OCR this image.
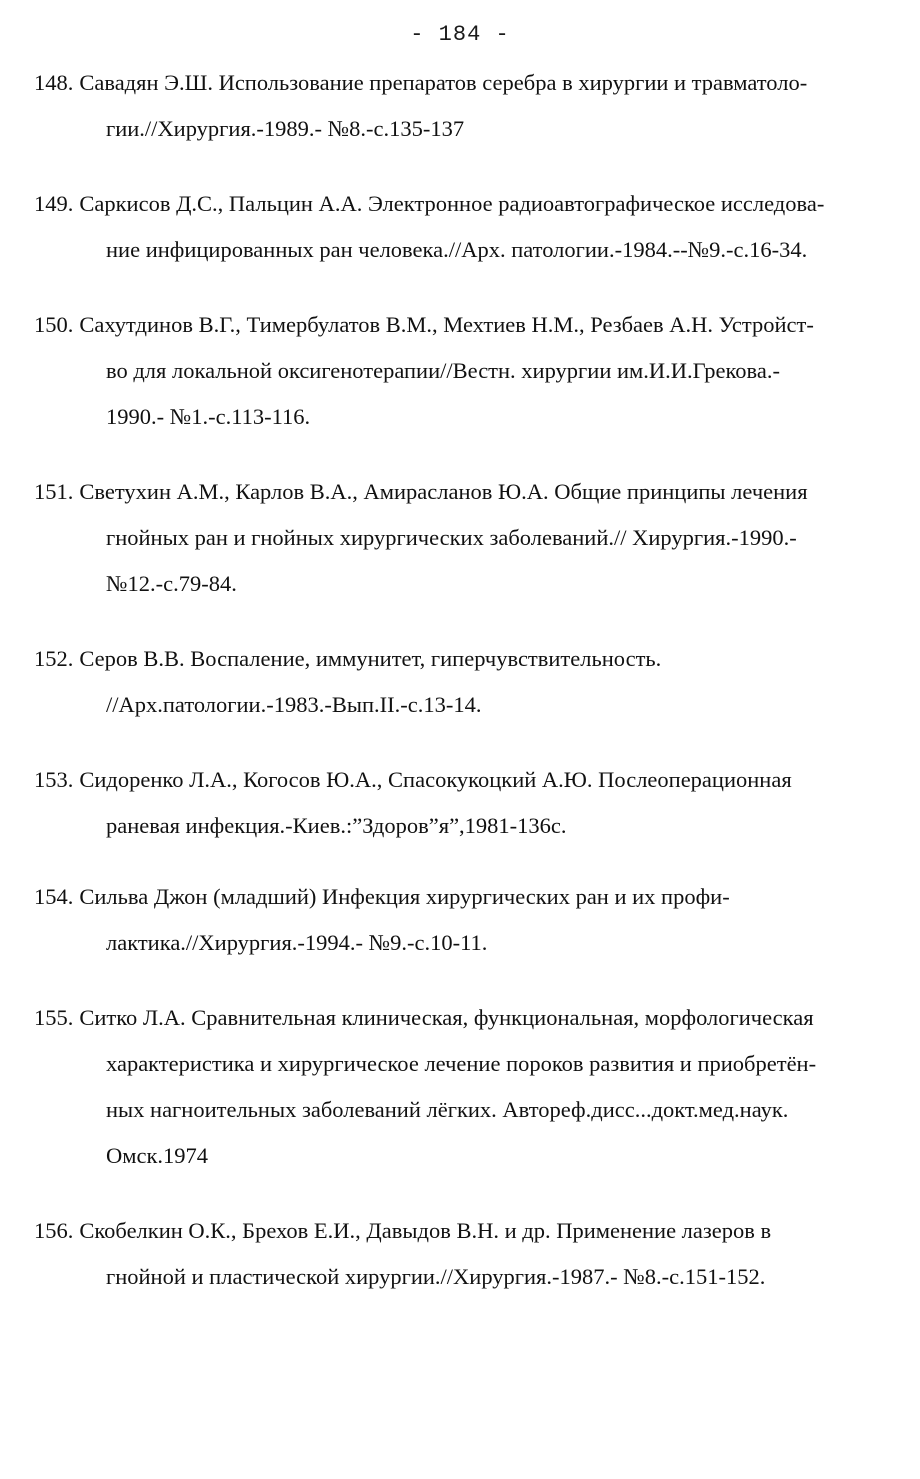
- 184 -
148. Савадян Э.Ш. Использование препаратов серебра в хирургии и травматоло-
гии.//Хирургия.-1989.- №8.-с.135-137
149. Саркисов Д.С., Пальцин А.А. Электронное радиоавтографическое исследова-
ние инфицированных ран человека.//Арх. патологии.-1984.--№9.-с.16-34.
150. Сахутдинов В.Г., Тимербулатов В.М., Мехтиев Н.М., Резбаев А.Н. Устройст-
во для локальной оксигенотерапии//Вестн. хирургии им.И.И.Грекова.-
1990.- №1.-с.113-116.
151. Светухин А.М., Карлов В.А., Амирасланов Ю.А. Общие принципы лечения
гнойных ран и гнойных хирургических заболеваний.// Хирургия.-1990.-
№12.-с.79-84.
152. Серов В.В. Воспаление, иммунитет, гиперчувствительность.
//Арх.патологии.-1983.-Вып.II.-с.13-14.
153. Сидоренко Л.А., Когосов Ю.А., Спасокукоцкий А.Ю. Послеоперационная
раневая инфекция.-Киев.:”Здоров”я”,1981-136с.
154. Сильва Джон (младший) Инфекция хирургических ран и их профи-
лактика.//Хирургия.-1994.- №9.-с.10-11.
155. Ситко Л.А. Сравнительная клиническая, функциональная, морфологическая
характеристика и хирургическое лечение пороков развития и приобретён-
ных нагноительных заболеваний лёгких. Автореф.дисс...докт.мед.наук.
Омск.1974
156. Скобелкин О.К., Брехов Е.И., Давыдов В.Н. и др. Применение лазеров в
гнойной и пластической хирургии.//Хирургия.-1987.- №8.-с.151-152.
